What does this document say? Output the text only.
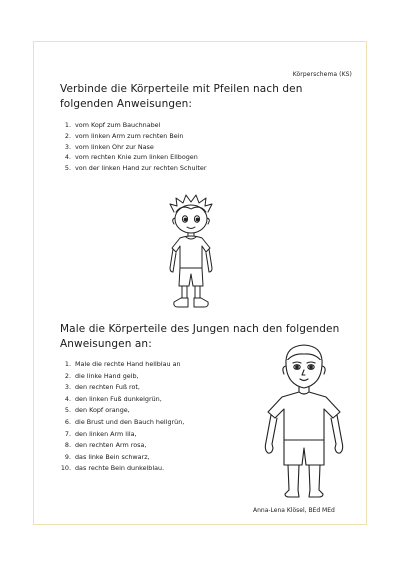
Körperschema (KS)
Verbinde die Körperteile mit Pfeilen nach den folgenden Anweisungen:
1. vom Kopf zum Bauchnabel
2. vom linken Arm zum rechten Bein
3. vom linken Ohr zur Nase
4. vom rechten Knie zum linken Ellbogen
5. von der linken Hand zur rechten Schulter
Male die Körperteile des Jungen nach den folgenden Anweisungen an:
1. Male die rechte Hand hellblau an
2. die linke Hand gelb,
3. den rechten Fuß rot,
4. den linken Fuß dunkelgrün,
5. den Kopf orange,
6. die Brust und den Bauch hellgrün,
7. den linken Arm lila,
8. den rechten Arm rosa,
9. das linke Bein schwarz,
10. das rechte Bein dunkelblau.
Anna-Lena Klösel, BEd MEd
